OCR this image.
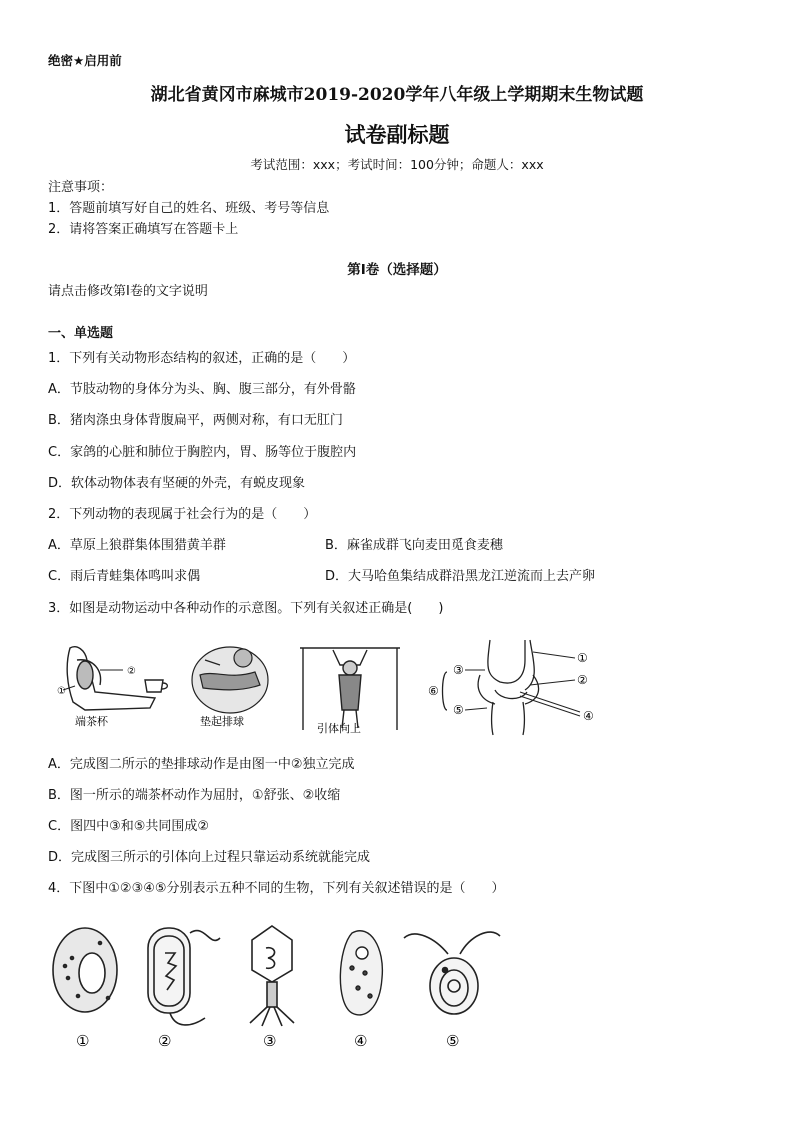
绝密★启用前
湖北省黄冈市麻城市2019-2020学年八年级上学期期末生物试题
试卷副标题
考试范围：xxx；考试时间：100分钟；命题人：xxx
注意事项：
1．答题前填写好自己的姓名、班级、考号等信息
2．请将答案正确填写在答题卡上
第I卷（选择题）
请点击修改第I卷的文字说明
一、单选题
1．下列有关动物形态结构的叙述，正确的是（　　）
A．节肢动物的身体分为头、胸、腹三部分，有外骨骼
B．猪肉涤虫身体背腹扁平，两侧对称，有口无肛门
C．家鸽的心脏和肺位于胸腔内，胃、肠等位于腹腔内
D．软体动物体表有坚硬的外壳，有蜕皮现象
2．下列动物的表现属于社会行为的是（　　）
A．草原上狼群集体围猎黄羊群	B．麻雀成群飞向麦田觅食麦穗
C．雨后青蛙集体鸣叫求偶	D．大马哈鱼集结成群沿黑龙江逆流而上去产卵
3．如图是动物运动中各种动作的示意图。下列有关叙述正确是(　　)
②
①
端茶杯	垫起排球
引体向上
①
②
③
④
⑤
⑥
A．完成图二所示的垫排球动作是由图一中②独立完成
B．图一所示的端茶杯动作为屈肘，①舒张、②收缩
C．图四中③和⑤共同围成②
D．完成图三所示的引体向上过程只靠运动系统就能完成
4．下图中①②③④⑤分别表示五种不同的生物，下列有关叙述错误的是（　　）
①	②	③	④	⑤
